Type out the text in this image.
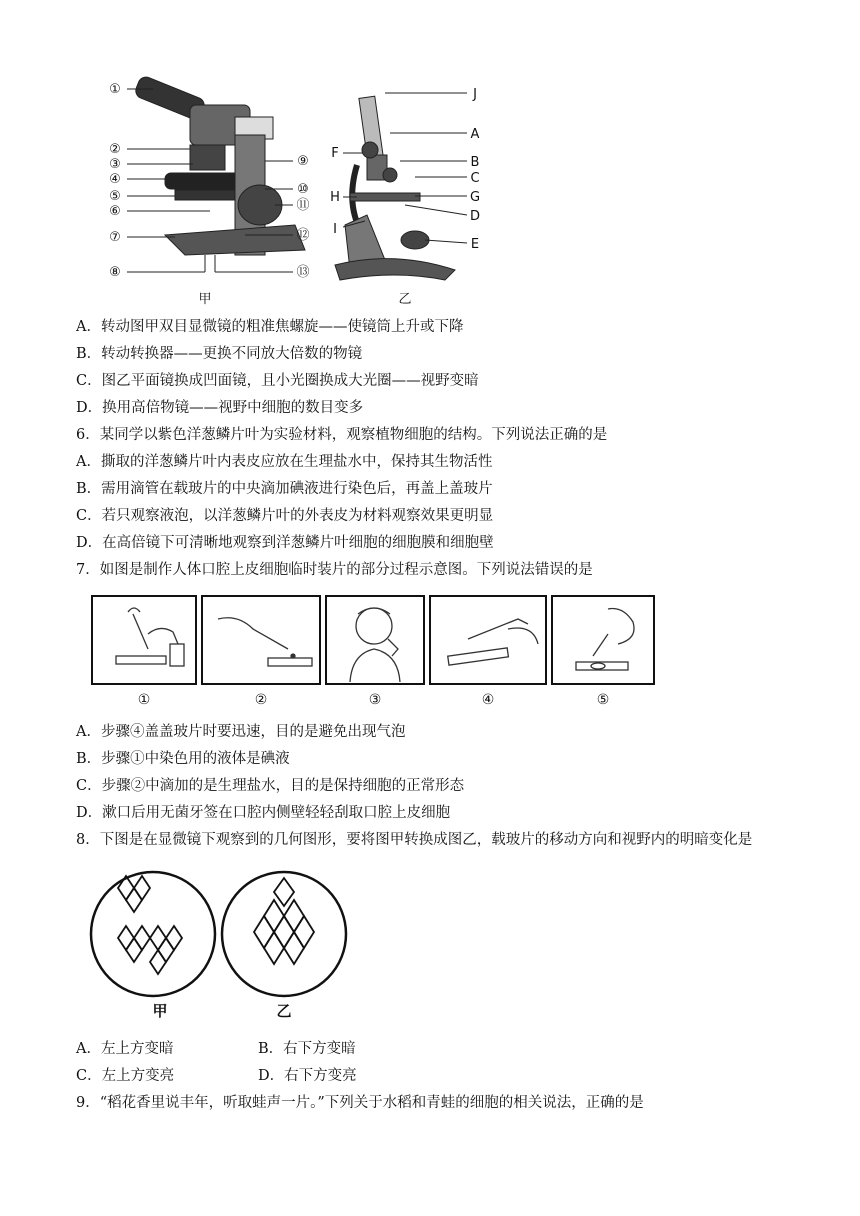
①
②
③
④
⑤
⑥
⑦
⑧
⑨
⑩
⑪
⑫
⑬
甲
J
A
B
C
G
D
E
F
H
I
乙
A．转动图甲双目显微镜的粗准焦螺旋——使镜筒上升或下降
B．转动转换器——更换不同放大倍数的物镜
C．图乙平面镜换成凹面镜，且小光圈换成大光圈——视野变暗
D．换用高倍物镜——视野中细胞的数目变多
6．某同学以紫色洋葱鳞片叶为实验材料，观察植物细胞的结构。下列说法正确的是
A．撕取的洋葱鳞片叶内表皮应放在生理盐水中，保持其生物活性
B．需用滴管在载玻片的中央滴加碘液进行染色后，再盖上盖玻片
C．若只观察液泡，以洋葱鳞片叶的外表皮为材料观察效果更明显
D．在高倍镜下可清晰地观察到洋葱鳞片叶细胞的细胞膜和细胞壁
7．如图是制作人体口腔上皮细胞临时装片的部分过程示意图。下列说法错误的是
①	②	③	④	⑤
A．步骤④盖盖玻片时要迅速，目的是避免出现气泡
B．步骤①中染色用的液体是碘液
C．步骤②中滴加的是生理盐水，目的是保持细胞的正常形态
D．漱口后用无菌牙签在口腔内侧壁轻轻刮取口腔上皮细胞
8．下图是在显微镜下观察到的几何图形，要将图甲转换成图乙，载玻片的移动方向和视野内的明暗变化是
甲	乙
A．左上方变暗	B．右下方变暗
C．左上方变亮	D．右下方变亮
9．“稻花香里说丰年，听取蛙声一片。”下列关于水稻和青蛙的细胞的相关说法，正确的是
